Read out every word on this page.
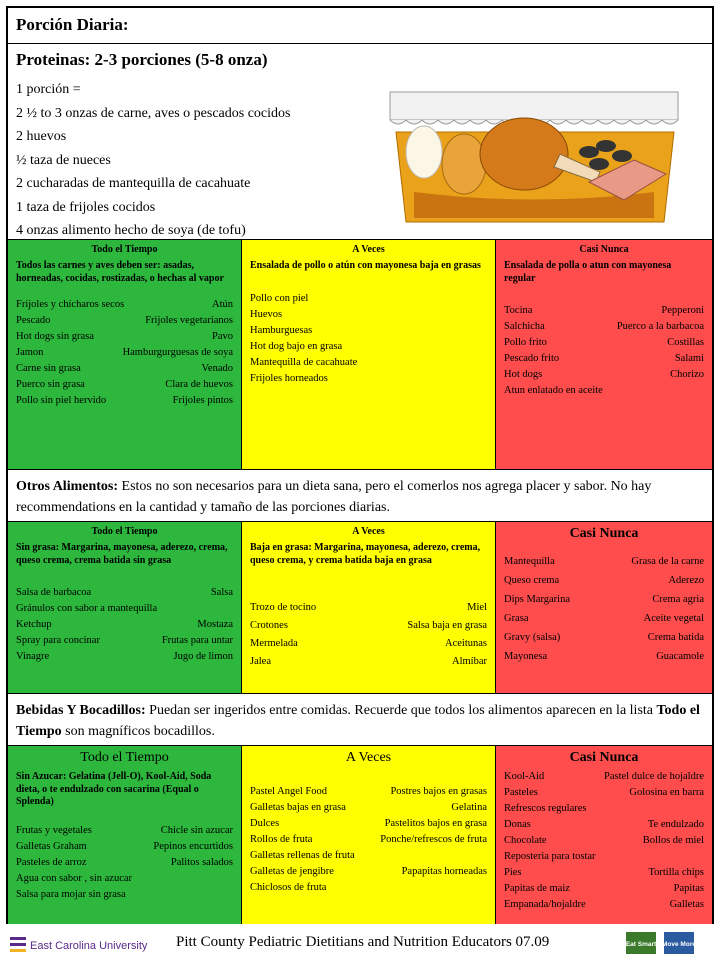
Porción Diaria:
Proteinas: 2-3 porciones (5-8 onza)
1 porción =
2 ½ to 3 onzas de carne, aves o pescados cocidos
2 huevos
½ taza de nueces
2 cucharadas de mantequilla de cacahuate
1 taza de frijoles cocidos
4 onzas alimento hecho de soya (de tofu)
Todo el Tiempo
Todos las carnes y aves deben ser: asadas, horneadas, cocidas, rostizadas, o hechas al vapor
Frijoles y chícharos secos	Atún
Pescado	Frijoles vegetarianos
Hot dogs sin grasa	Pavo
Jamon	Hamburgurguesas de soya
Carne sin grasa	Venado
Puerco sin grasa	Clara de huevos
Pollo sin piel hervido	Frijoles pintos
A Veces
Ensalada de pollo o atún con mayonesa baja en grasas
Pollo con piel
Huevos
Hamburguesas
Hot dog bajo en grasa
Mantequilla de cacahuate
Frijoles horneados
Casi Nunca
Ensalada de polla o atun con mayonesa regular
Tocina	Pepperoni
Salchicha	Puerco a la barbacoa
Pollo frito	Costillas
Pescado frito	Salami
Hot dogs	Chorizo
Atun enlatado en aceite
Otros Alimentos: Estos no son necesarios para un dieta sana, pero el comerlos nos agrega placer y sabor. No hay recommendations en la cantidad y tamaño de las porciones diarias.
Todo el Tiempo
Sin grasa: Margarina, mayonesa, aderezo, crema, queso crema, crema batida sin grasa
Salsa de barbacoa	Salsa
Gránulos con sabor a mantequilla
Ketchup	Mostaza
Spray para concinar	Frutas para untar
Vinagre	Jugo de limon
A Veces
Baja en grasa: Margarina, mayonesa, aderezo, crema, queso crema, y crema batida baja en grasa
Trozo de tocino	Miel
Crotones	Salsa baja en grasa
Mermelada	Aceitunas
Jalea	Almíbar
Casi Nunca
Mantequilla	Grasa de la carne
Queso crema	Aderezo
Dips Margarina	Crema agria
Grasa	Aceite vegetal
Gravy (salsa)	Crema batida
Mayonesa	Guacamole
Bebidas Y Bocadillos: Puedan ser ingeridos entre comidas. Recuerde que todos los alimentos aparecen en la lista Todo el Tiempo son magníficos bocadillos.
Todo el Tiempo
Sin Azucar: Gelatina (Jell-O), Kool-Aid, Soda dieta, o te endulzado con sacarina (Equal o Splenda)
Frutas y vegetales	Chicle sin azucar
Galletas Graham	Pepinos encurtidos
Pasteles de arroz	Palitos salados
Agua con sabor , sin azucar
Salsa para mojar sin grasa
A Veces
Pastel Angel Food	Postres bajos en grasas
Galletas bajas en grasa	Gelatina
Dulces	Pastelitos bajos en grasa
Rollos de fruta	Ponche/refrescos de fruta
Galletas rellenas de fruta
Galletas de jengibre	Papapitas horneadas
Chiclosos de fruta
Casi Nunca
Kool-Aid	Pastel dulce de hojaldre
Pasteles	Golosina en barra
Refrescos regulares
Donas	Te endulzado
Chocolate	Bollos de miel
Reposteria para tostar
Pies	Tortilla chips
Papitas de maiz	Papitas
Empanada/hojaldre	Galletas
East Carolina University Pitt County Pediatric Dietitians and Nutrition Educators 07.09	Eat Smart Move More
